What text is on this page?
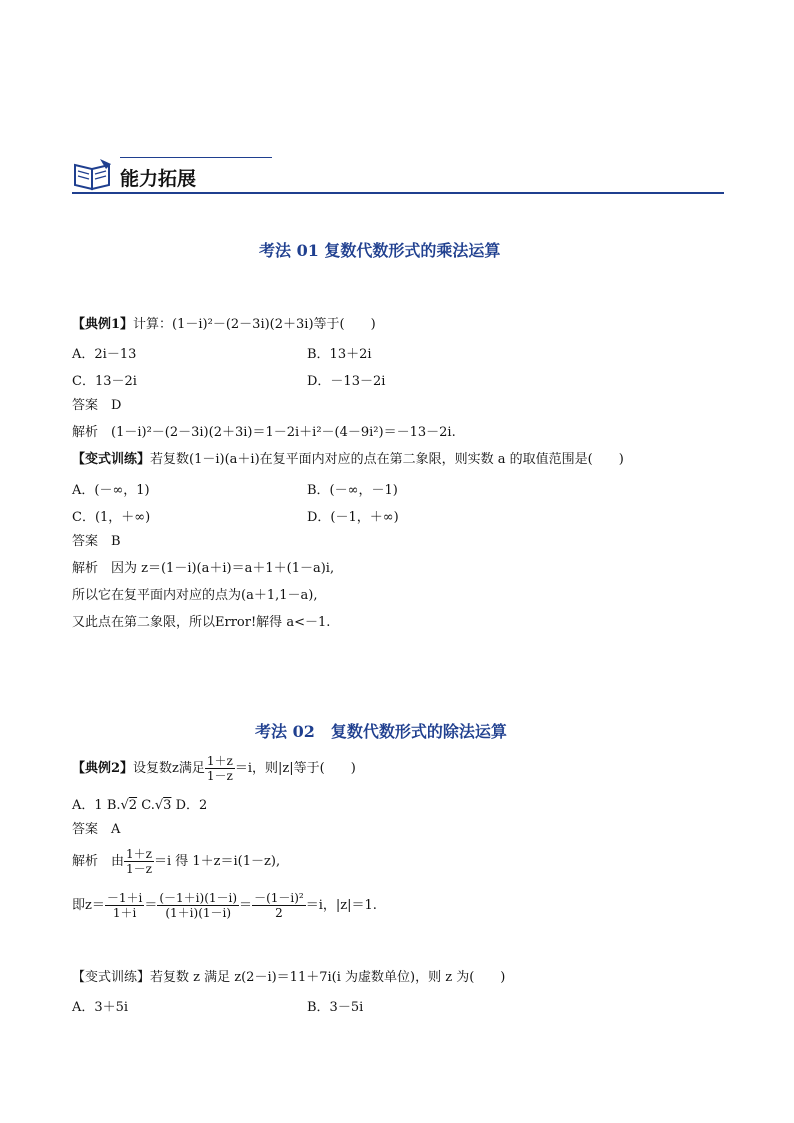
能力拓展
考法 01 复数代数形式的乘法运算
【典例1】计算：(1－i)²－(2－3i)(2＋3i)等于(　　)
A．2i－13	B．13＋2i
C．13－2i	D．－13－2i
答案　D
解析　(1－i)²－(2－3i)(2＋3i)＝1－2i＋i²－(4－9i²)＝－13－2i.
【变式训练】若复数(1－i)(a＋i)在复平面内对应的点在第二象限，则实数 a 的取值范围是(　　)
A．(－∞，1)	B．(－∞，－1)
C．(1，＋∞)	D．(－1，＋∞)
答案　B
解析　因为 z＝(1－i)(a＋i)＝a＋1＋(1－a)i,
所以它在复平面内对应的点为(a＋1,1－a),
又此点在第二象限，所以Error!解得 a<－1.
考法 02　复数代数形式的除法运算
【典例2】设复数z满足 $\frac{1+z}{1-z} =i$，则|z|等于(　　)
A．1 B.√2 C.√3 D．2
答案　A
解析　由 $\frac{1+z}{1-z} =i$ 得 1＋z＝i(1－z),
即$z= \frac{-1+i}{1+i} = \frac{(-1+i)(1-i)}{(1+i)(1-i)} = \frac{\text{－(1－i)²}}{2} =i$，|z|＝1.
【变式训练】若复数 z 满足 z(2－i)＝11＋7i(i 为虚数单位)，则 z 为(　　)
A．3＋5i	B．3－5i
